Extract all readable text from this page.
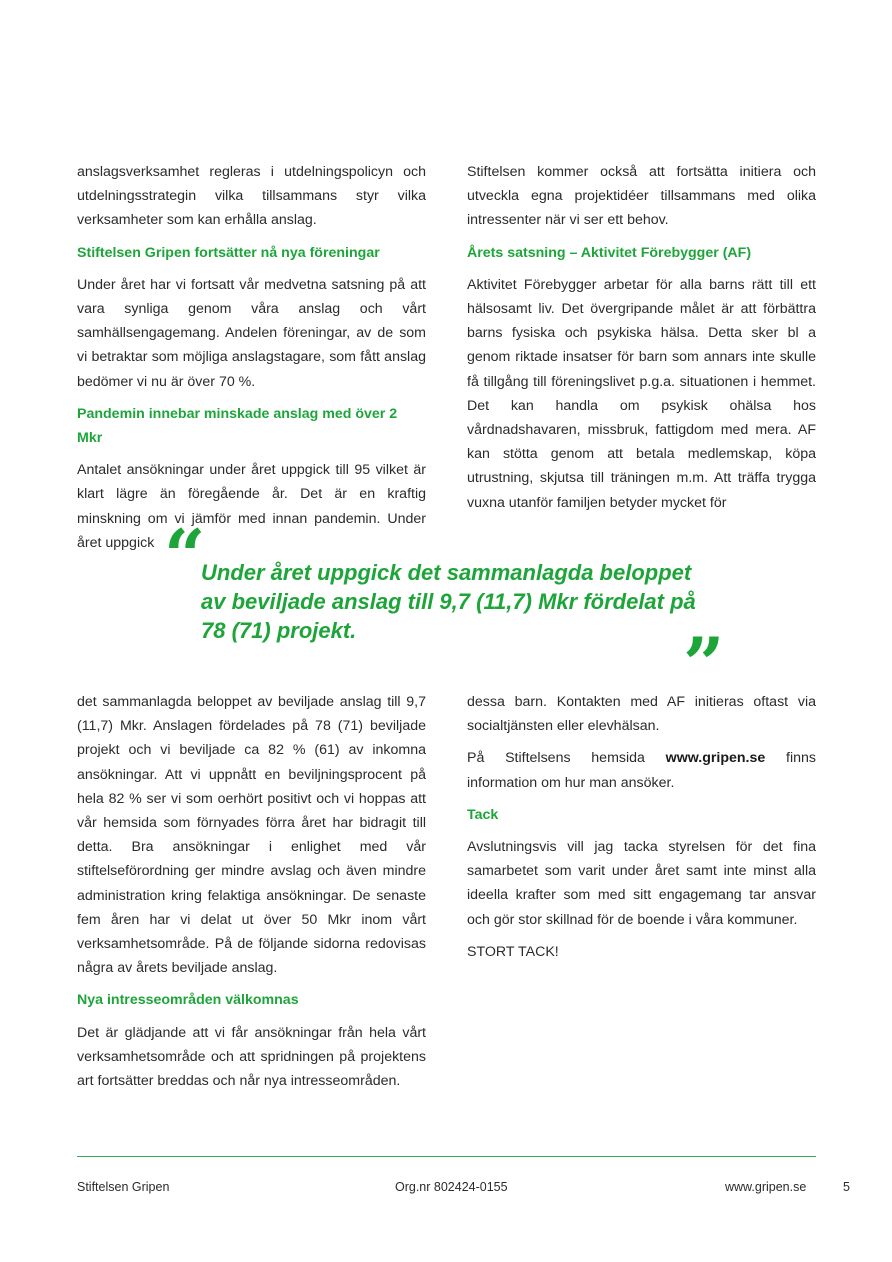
anslagsverksamhet regleras i utdelningspolicyn och utdelningsstrategin vilka tillsammans styr vilka verksamheter som kan erhålla anslag.

Stiftelsen Gripen fortsätter nå nya föreningar

Under året har vi fortsatt vår medvetna satsning på att vara synliga genom våra anslag och vårt samhällsengagemang. Andelen föreningar, av de som vi betraktar som möjliga anslagstagare, som fått anslag bedömer vi nu är över 70 %.

Pandemin innebar minskade anslag med över 2 Mkr

Antalet ansökningar under året uppgick till 95 vilket är klart lägre än föregående år. Det är en kraftig minskning om vi jämför med innan pandemin. Under året uppgick

Stiftelsen kommer också att fortsätta initiera och utveckla egna projektidéer tillsammans med olika intressenter när vi ser ett behov.

Årets satsning – Aktivitet Förebygger (AF)

Aktivitet Förebygger arbetar för alla barns rätt till ett hälsosamt liv. Det övergripande målet är att förbättra barns fysiska och psykiska hälsa. Detta sker bl a genom riktade insatser för barn som annars inte skulle få tillgång till föreningslivet p.g.a. situationen i hemmet. Det kan handla om psykisk ohälsa hos vårdnadshavaren, missbruk, fattigdom med mera. AF kan stötta genom att betala medlemskap, köpa utrustning, skjutsa till träningen m.m. Att träffa trygga vuxna utanför familjen betyder mycket för

“

Under året uppgick det sammanlagda beloppet av beviljade anslag till 9,7 (11,7) Mkr fördelat på 78 (71) projekt.	”

det sammanlagda beloppet av beviljade anslag till 9,7 (11,7) Mkr. Anslagen fördelades på 78 (71) beviljade projekt och vi beviljade ca 82 % (61) av inkomna ansökningar. Att vi uppnått en beviljningsprocent på hela 82 % ser vi som oerhört positivt och vi hoppas att vår hemsida som förnyades förra året har bidragit till detta. Bra ansökningar i enlighet med vår stiftelseförordning ger mindre avslag och även mindre administration kring felaktiga ansökningar. De senaste fem åren har vi delat ut över 50 Mkr inom vårt verksamhetsområde. På de följande sidorna redovisas några av årets beviljade anslag.

Nya intresseområden välkomnas

Det är glädjande att vi får ansökningar från hela vårt verksamhetsområde och att spridningen på projektens art fortsätter breddas och når nya intresseområden.

dessa barn. Kontakten med AF initieras oftast via socialtjänsten eller elevhälsan.

På Stiftelsens hemsida www.gripen.se finns information om hur man ansöker.

Tack

Avslutningsvis vill jag tacka styrelsen för det fina samarbetet som varit under året samt inte minst alla ideella krafter som med sitt engagemang tar ansvar och gör stor skillnad för de boende i våra kommuner.

STORT TACK!

Stiftelsen Gripen	Org.nr 802424-0155	www.gripen.se	5
